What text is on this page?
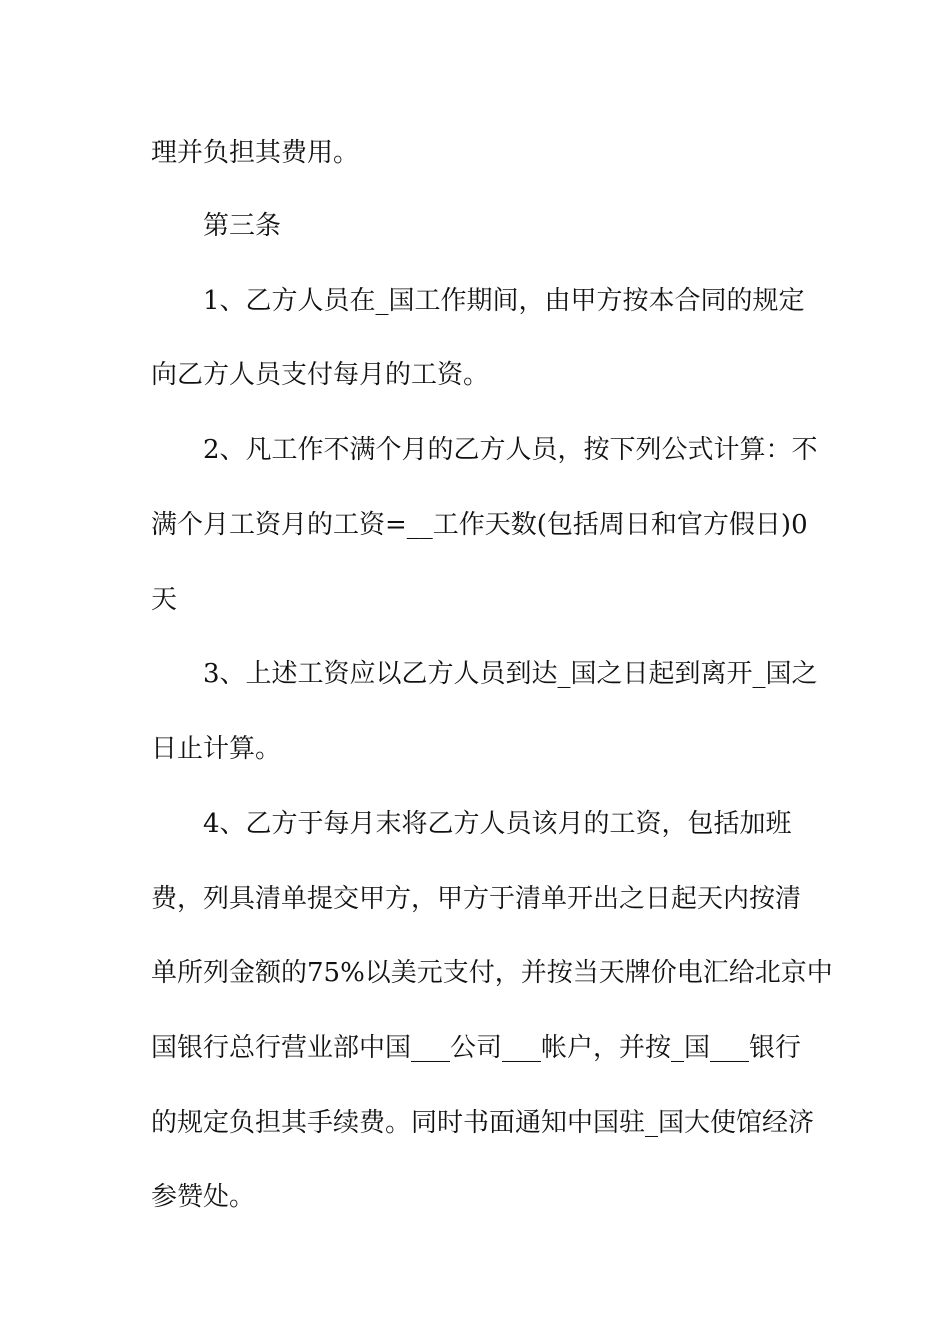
理并负担其费用。
第三条
1、乙方人员在_国工作期间，由甲方按本合同的规定
向乙方人员支付每月的工资。
2、凡工作不满个月的乙方人员，按下列公式计算：不
满个月工资月的工资=__工作天数(包括周日和官方假日)0
天
3、上述工资应以乙方人员到达_国之日起到离开_国之
日止计算。
4、乙方于每月末将乙方人员该月的工资，包括加班
费，列具清单提交甲方，甲方于清单开出之日起天内按清
单所列金额的75%以美元支付，并按当天牌价电汇给北京中
国银行总行营业部中国___公司___帐户，并按_国___银行
的规定负担其手续费。同时书面通知中国驻_国大使馆经济
参赞处。
